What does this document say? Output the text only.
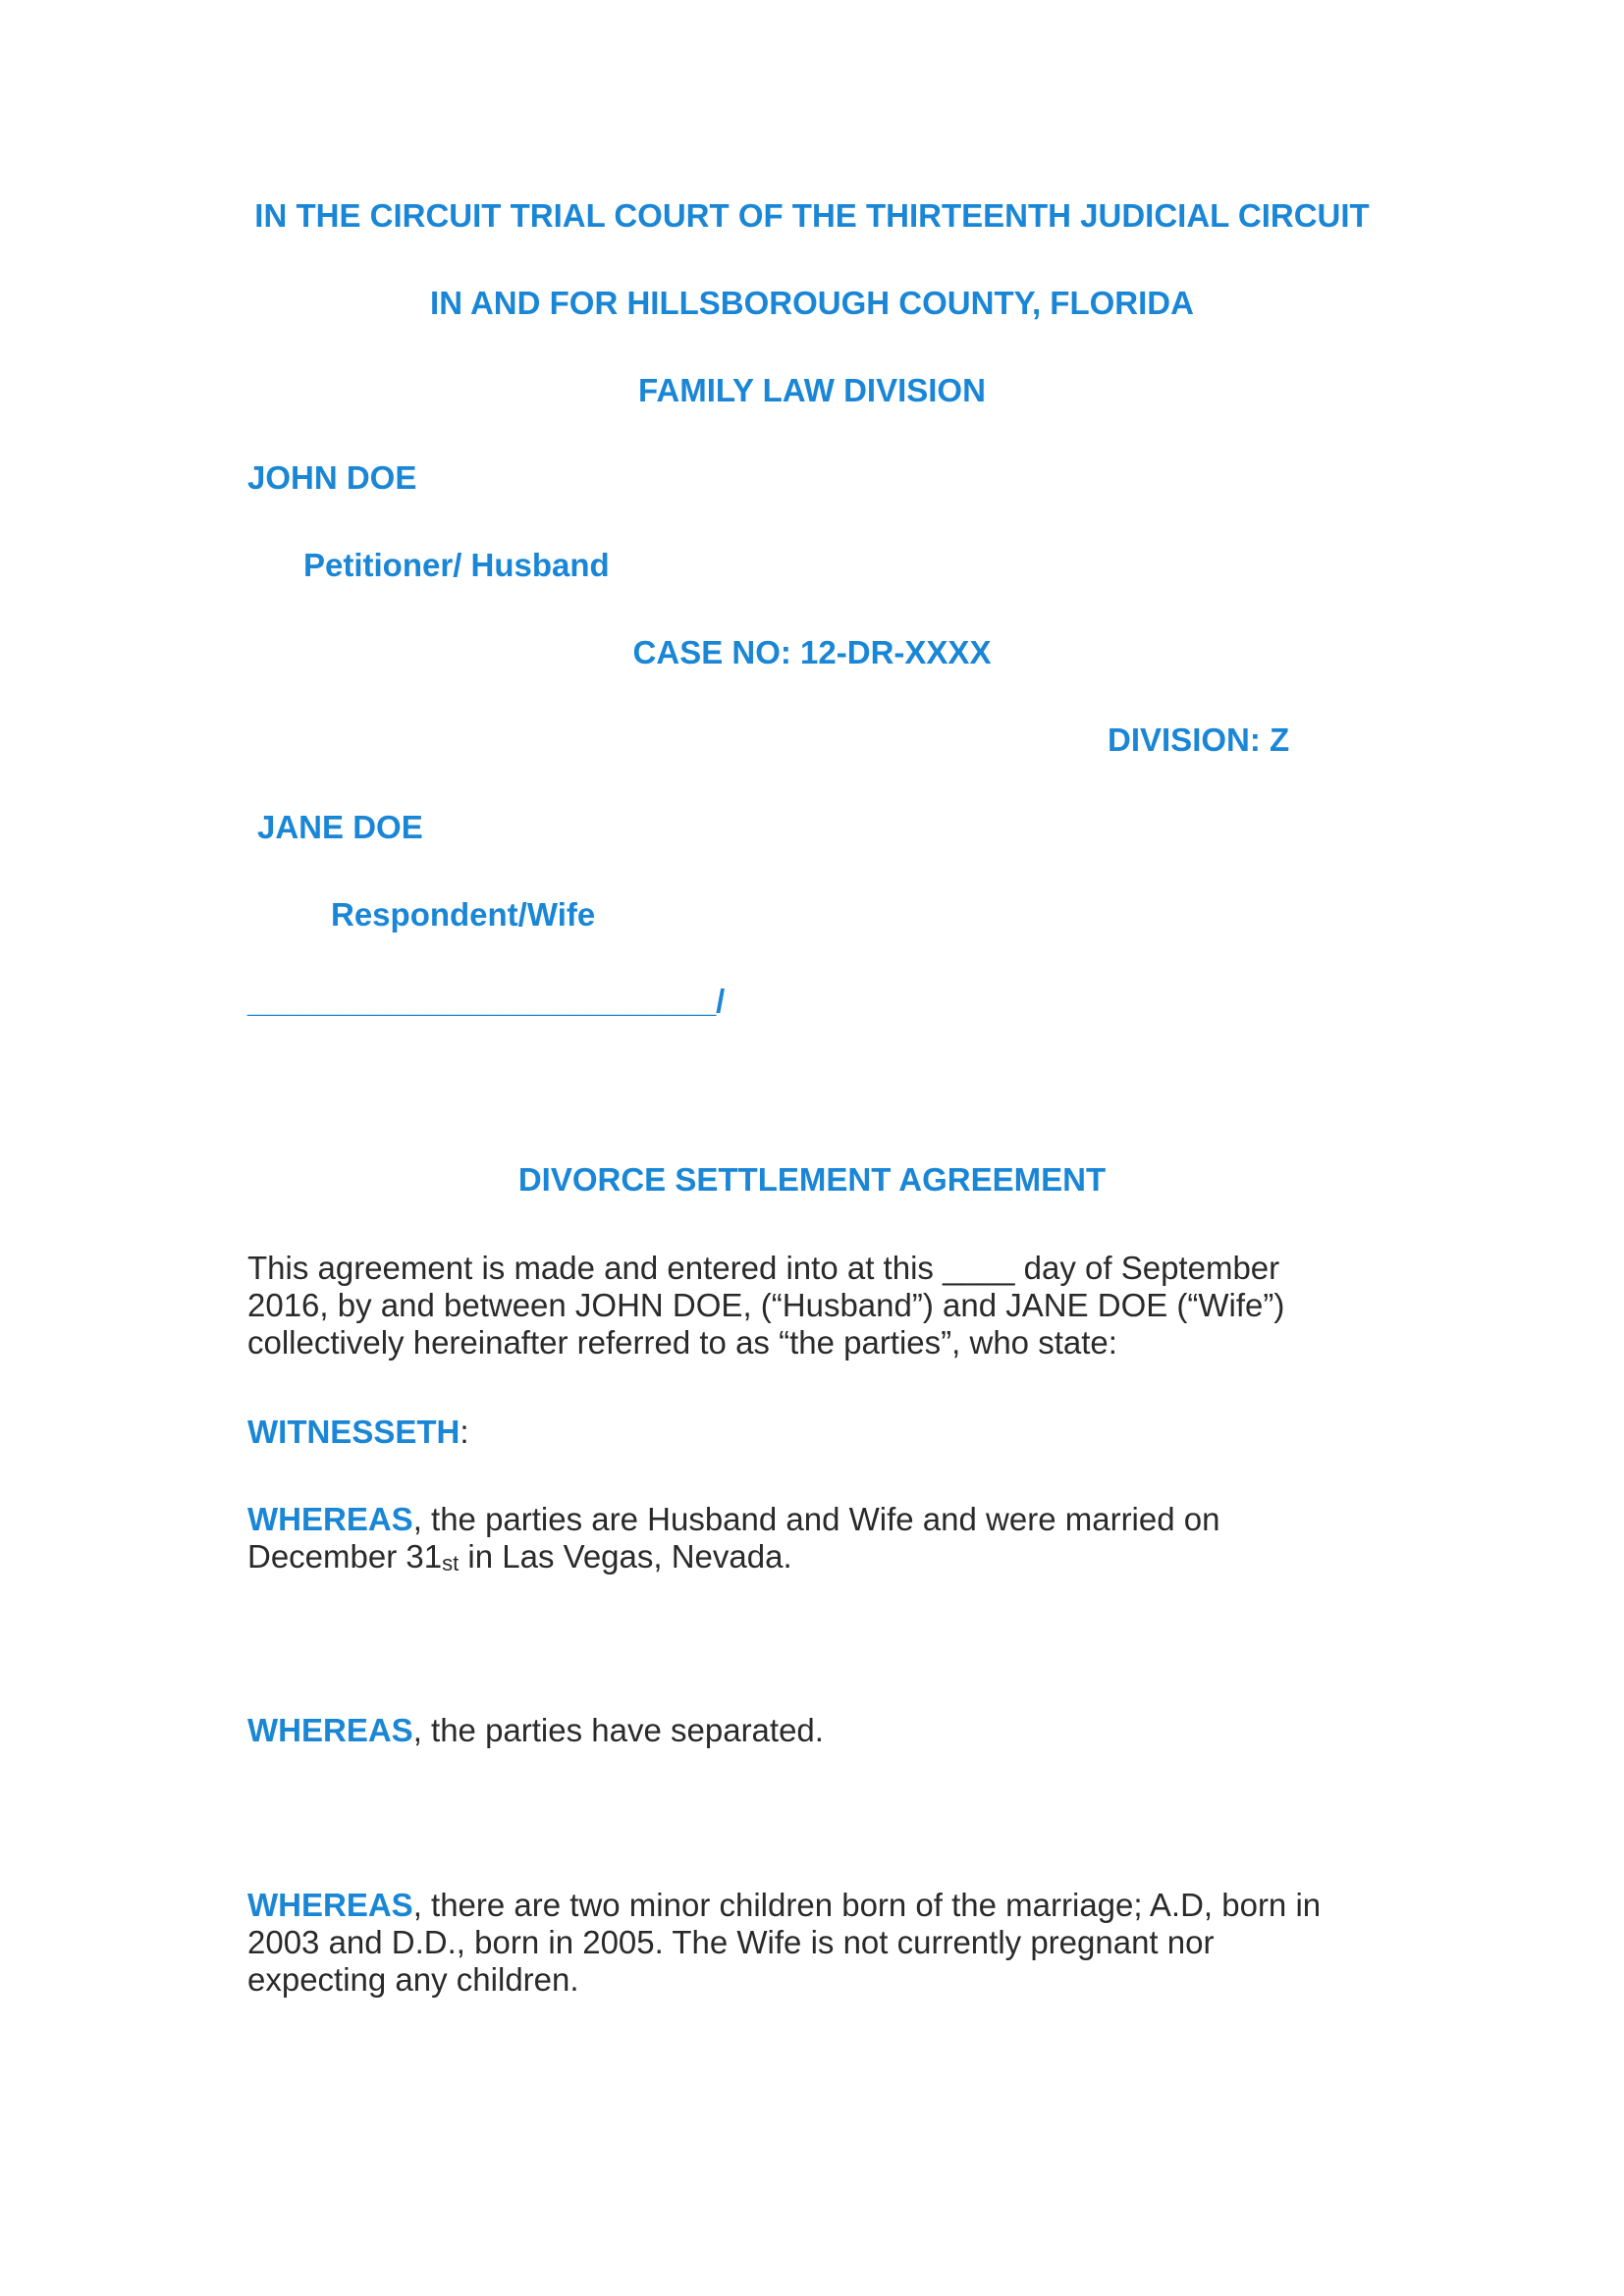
IN THE CIRCUIT TRIAL COURT OF THE THIRTEENTH JUDICIAL CIRCUIT
IN AND FOR HILLSBOROUGH COUNTY, FLORIDA
FAMILY LAW DIVISION
JOHN DOE
Petitioner/ Husband
CASE NO: 12-DR-XXXX
DIVISION: Z
JANE DOE
Respondent/Wife
__________________________/
DIVORCE SETTLEMENT AGREEMENT
This agreement is made and entered into at this ____ day of September
2016, by and between JOHN DOE, (“Husband”) and JANE DOE (“Wife”)
collectively hereinafter referred to as “the parties”, who state:
WITNESSETH:
WHEREAS, the parties are Husband and Wife and were married on
December 31st in Las Vegas, Nevada.
WHEREAS, the parties have separated.
WHEREAS, there are two minor children born of the marriage; A.D, born in
2003 and D.D., born in 2005. The Wife is not currently pregnant nor
expecting any children.
